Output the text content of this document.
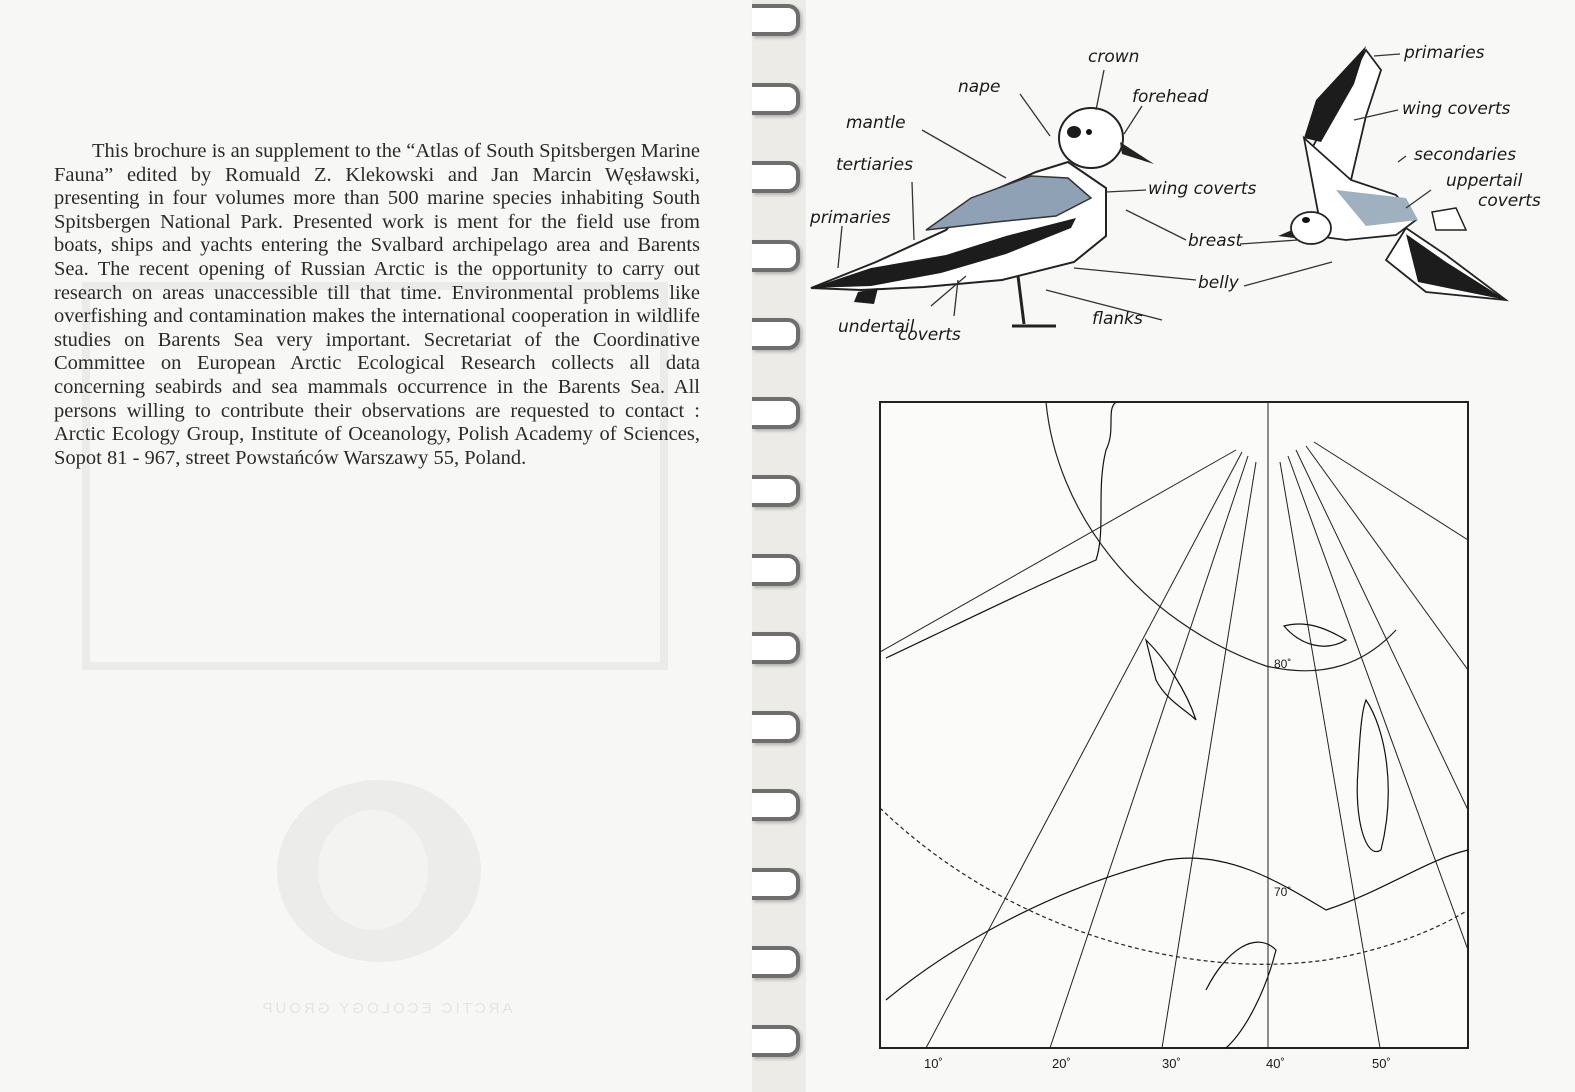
ARCTIC ECOLOGY GROUP

This brochure is an supplement to the “Atlas of South Spitsbergen Marine Fauna” edited by Romuald Z. Klekowski and Jan Marcin Węsławski, presenting in four volumes more than 500 marine species inhabiting South Spitsbergen National Park. Presented work is ment for the field use from boats, ships and yachts entering the Svalbard archipelago area and Barents Sea. The recent opening of Russian Arctic is the opportunity to carry out research on areas unaccessible till that time. Environmental problems like overfishing and contamination makes the international cooperation in wildlife studies on Barents Sea very important. Secretariat of the Coordinative Committee on European Arctic Ecological Research collects all data concerning seabirds and sea mammals occurrence in the Barents Sea. All persons willing to contribute their observations are requested to contact : Arctic Ecology Group, Institute of Oceanology, Polish Academy of Sciences, Sopot 81 - 967, street Powstańców Warszawy 55, Poland.

crown
nape	forehead
mantle
tertiaries
primaries
wing coverts
breast
belly
flanks
undertail
coverts
primaries
wing coverts
secondaries
uppertail
coverts
80˚
70˚
10˚	20˚	30˚	40˚	50˚
